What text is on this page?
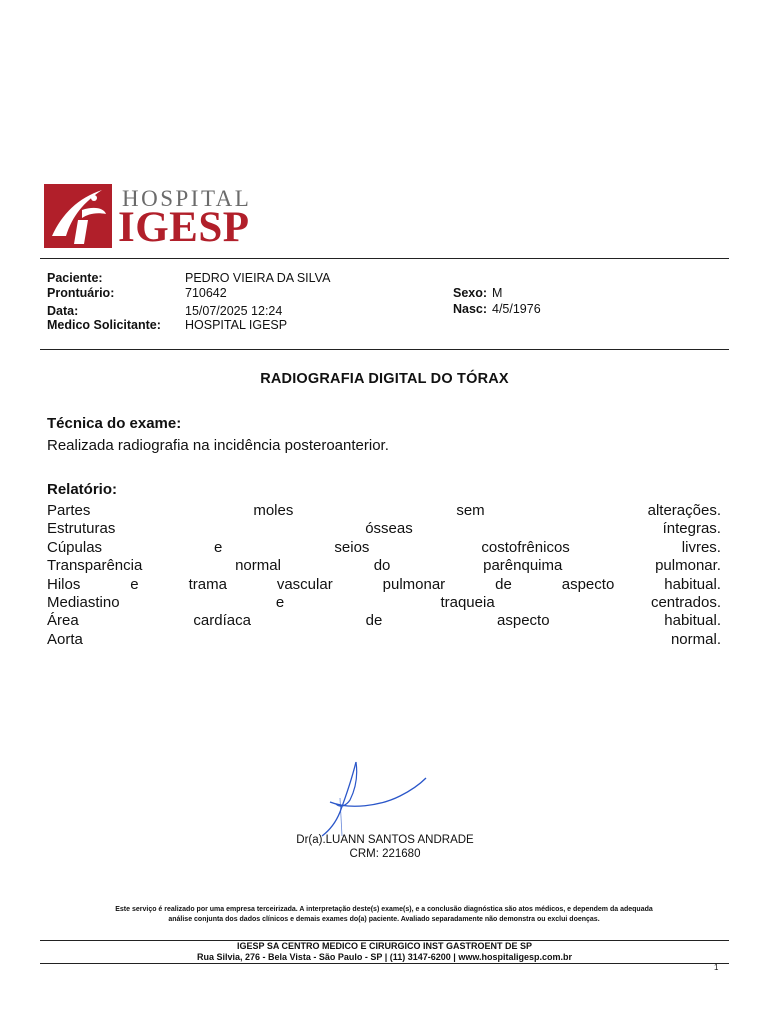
HOSPITAL
IGESP
Paciente:	PEDRO VIEIRA DA SILVA
Prontuário:	710642	Sexo: M
Data:	15/07/2025 12:24	Nasc: 4/5/1976
Medico Solicitante: HOSPITAL IGESP
RADIOGRAFIA DIGITAL DO TÓRAX
Técnica do exame:
Realizada radiografia na incidência posteroanterior.
Relatório:
Partes	moles	sem	alterações.
Estruturas	ósseas	íntegras.
Cúpulas	e	seios	costofrênicos	livres.
Transparência	normal	do	parênquima	pulmonar.
Hilos	e	trama	vascular	pulmonar	de	aspecto	habitual.
Mediastino	e	traqueia	centrados.
Área	cardíaca	de	aspecto	habitual.
Aorta	normal.
Dr(a).LUANN SANTOS ANDRADE
CRM: 221680
Este serviço é realizado por uma empresa terceirizada. A interpretação deste(s) exame(s), e a conclusão diagnóstica são atos médicos, e dependem da adequada análise conjunta dos dados clínicos e demais exames do(a) paciente. Avaliado separadamente não demonstra ou exclui doenças.
IGESP SA CENTRO MEDICO E CIRURGICO INST GASTROENT DE SP
Rua Silvia, 276 - Bela Vista - São Paulo - SP | (11) 3147-6200 | www.hospitaligesp.com.br
1
